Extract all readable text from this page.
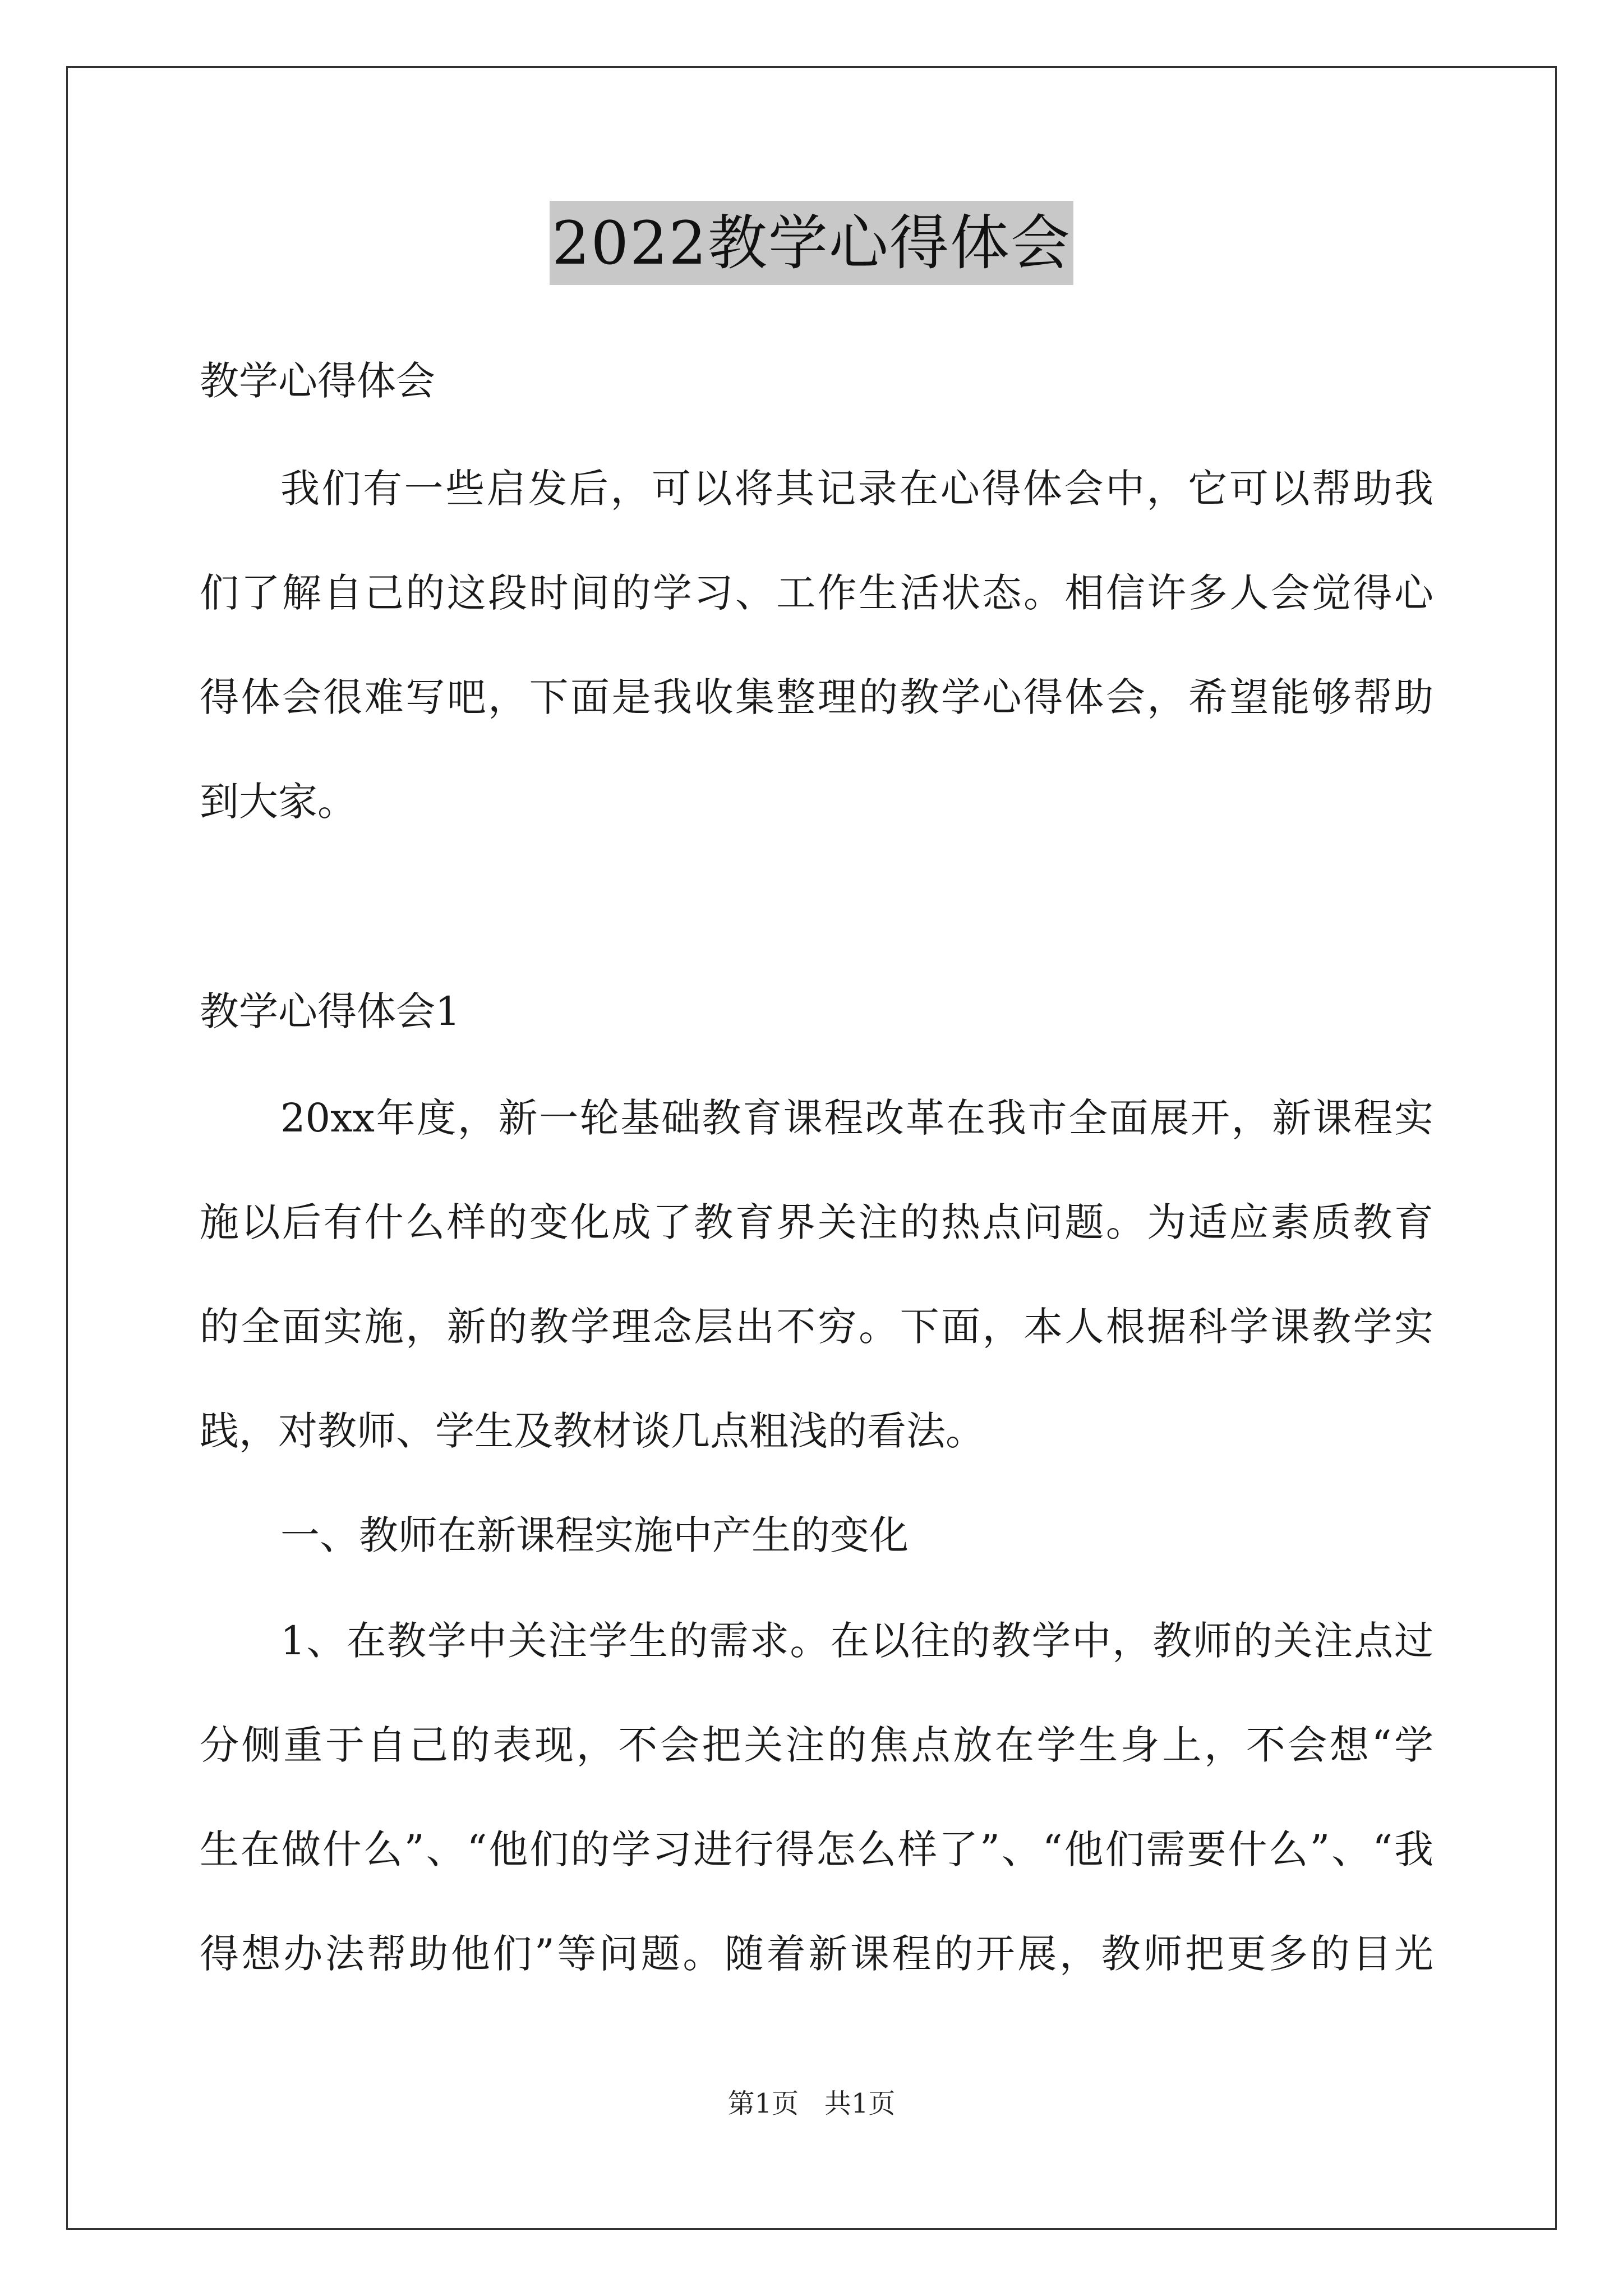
2022教学心得体会
教学心得体会
我们有一些启发后，可以将其记录在心得体会中，它可以帮助我
们了解自己的这段时间的学习、工作生活状态。相信许多人会觉得心
得体会很难写吧，下面是我收集整理的教学心得体会，希望能够帮助
到大家。
教学心得体会1
20xx年度，新一轮基础教育课程改革在我市全面展开，新课程实
施以后有什么样的变化成了教育界关注的热点问题。为适应素质教育
的全面实施，新的教学理念层出不穷。下面，本人根据科学课教学实
践，对教师、学生及教材谈几点粗浅的看法。
一、教师在新课程实施中产生的变化
1、在教学中关注学生的需求。在以往的教学中，教师的关注点过
分侧重于自己的表现，不会把关注的焦点放在学生身上，不会想“学
生在做什么”、“他们的学习进行得怎么样了”、“他们需要什么”、“我
得想办法帮助他们”等问题。随着新课程的开展，教师把更多的目光
第1页 共1页
